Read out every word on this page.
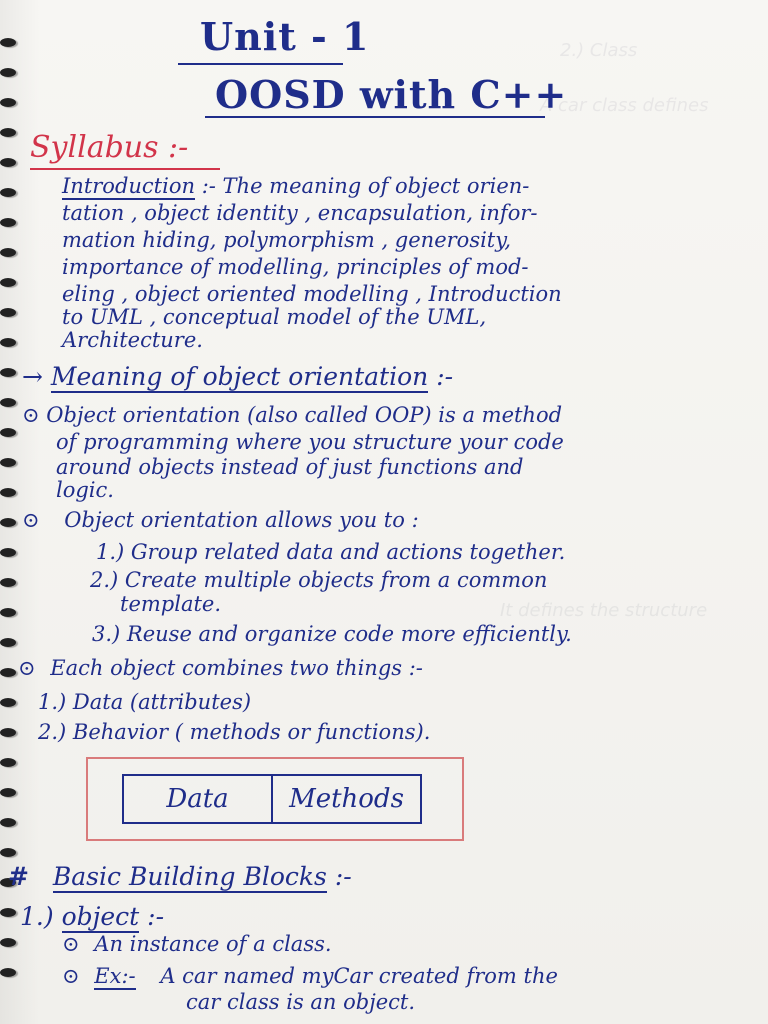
2.) Class
A car class defines
It defines the structure
Unit - 1
OOSD with C++
Syllabus :-
Introduction :- The meaning of object orien-
tation , object identity , encapsulation, infor-
mation hiding, polymorphism , generosity,
importance of modelling, principles of mod-
eling , object oriented modelling , Introduction
to UML , conceptual model of the UML,
Architecture.
→ Meaning of object orientation :-
⊙ Object orientation (also called OOP) is a method
of programming where you structure your code
around objects instead of just functions and
logic.
⊙ Object orientation allows you to :
1.) Group related data and actions together.
2.) Create multiple objects from a common
template.
3.) Reuse and organize code more efficiently.
⊙ Each object combines two things :-
1.) Data (attributes)
2.) Behavior ( methods or functions).
Data	Methods
# Basic Building Blocks :-
1.) object :-
⊙ An instance of a class.
⊙ Ex:- A car named myCar created from the
car class is an object.
